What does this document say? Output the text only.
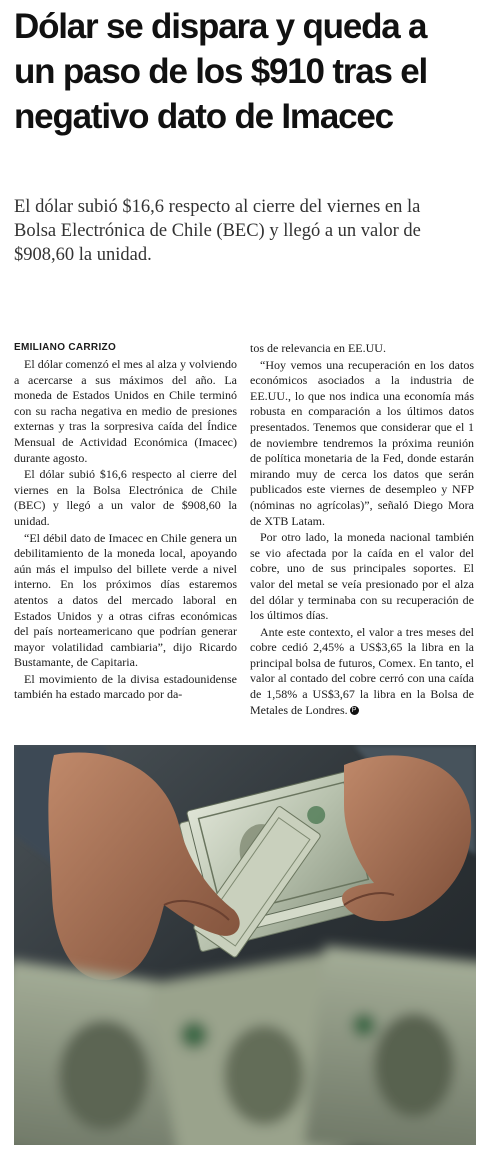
Dólar se dispara y queda a
un paso de los $910 tras el
negativo dato de Imacec
El dólar subió $16,6 respecto al cierre del viernes en la
Bolsa Electrónica de Chile (BEC) y llegó a un valor de
$908,60 la unidad.
EMILIANO CARRIZO

El dólar comenzó el mes al alza y volviendo a acercarse a sus máximos del año. La moneda de Estados Unidos en Chile terminó con su racha negativa en medio de presiones externas y tras la sorpresiva caída del Índice Mensual de Actividad Económica (Imacec) durante agosto.

El dólar subió $16,6 respecto al cierre del viernes en la Bolsa Electrónica de Chile (BEC) y llegó a un valor de $908,60 la unidad.

“El débil dato de Imacec en Chile genera un debilitamiento de la moneda local, apoyando aún más el impulso del billete verde a nivel interno. En los próximos días estaremos atentos a datos del mercado laboral en Estados Unidos y a otras cifras económicas del país norteamericano que podrían generar mayor volatilidad cambiaria”, dijo Ricardo Bustamante, de Capitaria.

El movimiento de la divisa estadounidense también ha estado marcado por da-

tos de relevancia en EE.UU.

“Hoy vemos una recuperación en los datos económicos asociados a la industria de EE.UU., lo que nos indica una economía más robusta en comparación a los últimos datos presentados. Tenemos que considerar que el 1 de noviembre tendremos la próxima reunión de política monetaria de la Fed, donde estarán mirando muy de cerca los datos que serán publicados este viernes de desempleo y NFP (nóminas no agrícolas)”, señaló Diego Mora de XTB Latam.

Por otro lado, la moneda nacional también se vio afectada por la caída en el valor del cobre, uno de sus principales soportes. El valor del metal se veía presionado por el alza del dólar y terminaba con su recuperación de los últimos días.

Ante este contexto, el valor a tres meses del cobre cedió 2,45% a US$3,65 la libra en la principal bolsa de futuros, Comex. En tanto, el valor al contado del cobre cerró con una caída de 1,58% a US$3,67 la libra en la Bolsa de Metales de Londres. P
